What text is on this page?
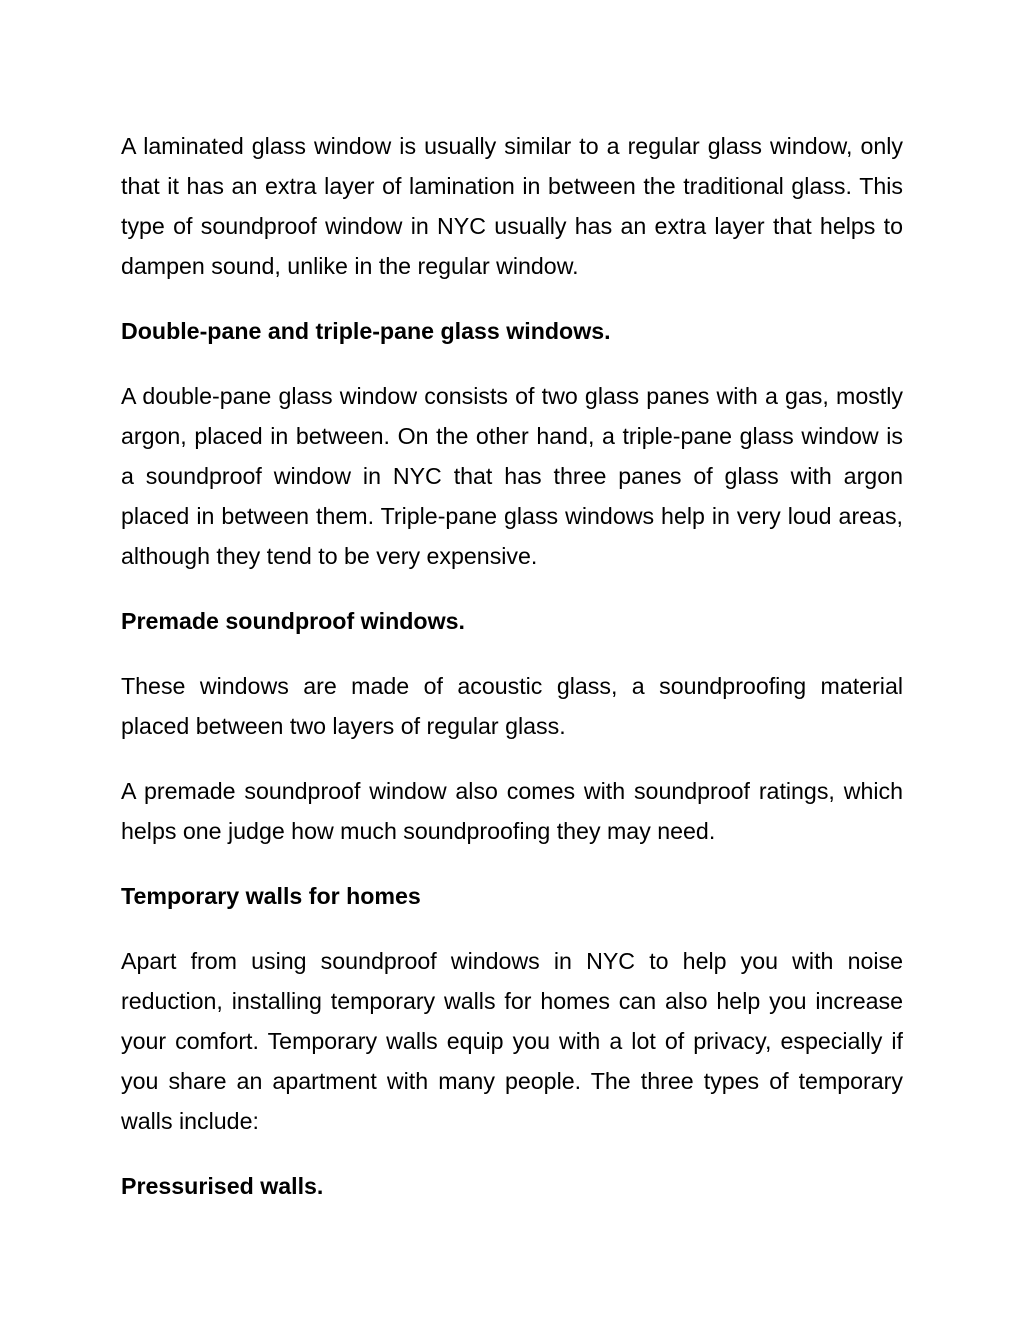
A laminated glass window is usually similar to a regular glass window, only that it has an extra layer of lamination in between the traditional glass. This type of soundproof window in NYC usually has an extra layer that helps to dampen sound, unlike in the regular window.

Double-pane and triple-pane glass windows.

A double-pane glass window consists of two glass panes with a gas, mostly argon, placed in between. On the other hand, a triple-pane glass window is a soundproof window in NYC that has three panes of glass with argon placed in between them. Triple-pane glass windows help in very loud areas, although they tend to be very expensive.

Premade soundproof windows.

These windows are made of acoustic glass, a soundproofing material placed between two layers of regular glass.

A premade soundproof window also comes with soundproof ratings, which helps one judge how much soundproofing they may need.

Temporary walls for homes

Apart from using soundproof windows in NYC to help you with noise reduction, installing temporary walls for homes can also help you increase your comfort. Temporary walls equip you with a lot of privacy, especially if you share an apartment with many people. The three types of temporary walls include:

Pressurised walls.
